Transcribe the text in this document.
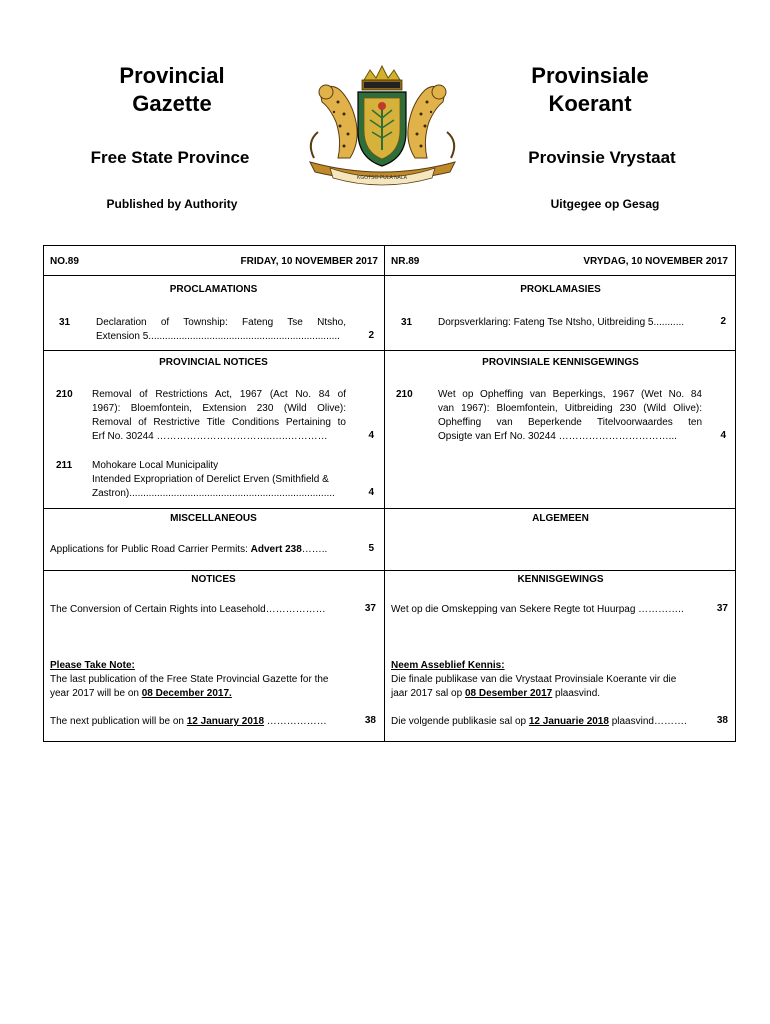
Provincial
Gazette
Provinsiale
Koerant
Free State Province	Provinsie Vrystaat
Published by Authority	Uitgegee op Gesag
KGOTSO PULA NALA
NO.89	FRIDAY, 10 NOVEMBER 2017 NR.89	VRYDAG, 10 NOVEMBER 2017
PROCLAMATIONS	PROKLAMASIES
31	Declaration of Township: Fateng Tse Ntsho,
Extension 5.....................................................................	2
31	Dorpsverklaring: Fateng Tse Ntsho, Uitbreiding 5...........	2
PROVINCIAL NOTICES	PROVINSIALE KENNISGEWINGS
210 Removal of Restrictions Act, 1967 (Act No. 84 of
1967): Bloemfontein, Extension 230 (Wild Olive):
Removal of Restrictive Title Conditions Pertaining to
Erf No. 30244 ……………………………..…..…………	4
210	Wet op Opheffing van Beperkings, 1967 (Wet No. 84
van 1967): Bloemfontein, Uitbreiding 230 (Wild Olive):
Opheffing van Beperkende Titelvoorwaardes ten
Opsigte van Erf No. 30244 ……………………………...	4
211 Mohokare Local Municipality
Intended Expropriation of Derelict Erven (Smithfield &
Zastron)..........................................................................	4
MISCELLANEOUS	ALGEMEEN
Applications for Public Road Carrier Permits: Advert 238……..	5
NOTICES	KENNISGEWINGS
The Conversion of Certain Rights into Leasehold………………	37 Wet op die Omskepping van Sekere Regte tot Huurpag …………..	37
Please Take Note:
The last publication of the Free State Provincial Gazette for the
year 2017 will be on 08 December 2017.
The next publication will be on 12 January 2018 ………………	38
Neem Asseblief Kennis:
Die finale publikase van die Vrystaat Provinsiale Koerante vir die
jaar 2017 sal op 08 Desember 2017 plaasvind.
Die volgende publikasie sal op 12 Januarie 2018 plaasvind……….	38
